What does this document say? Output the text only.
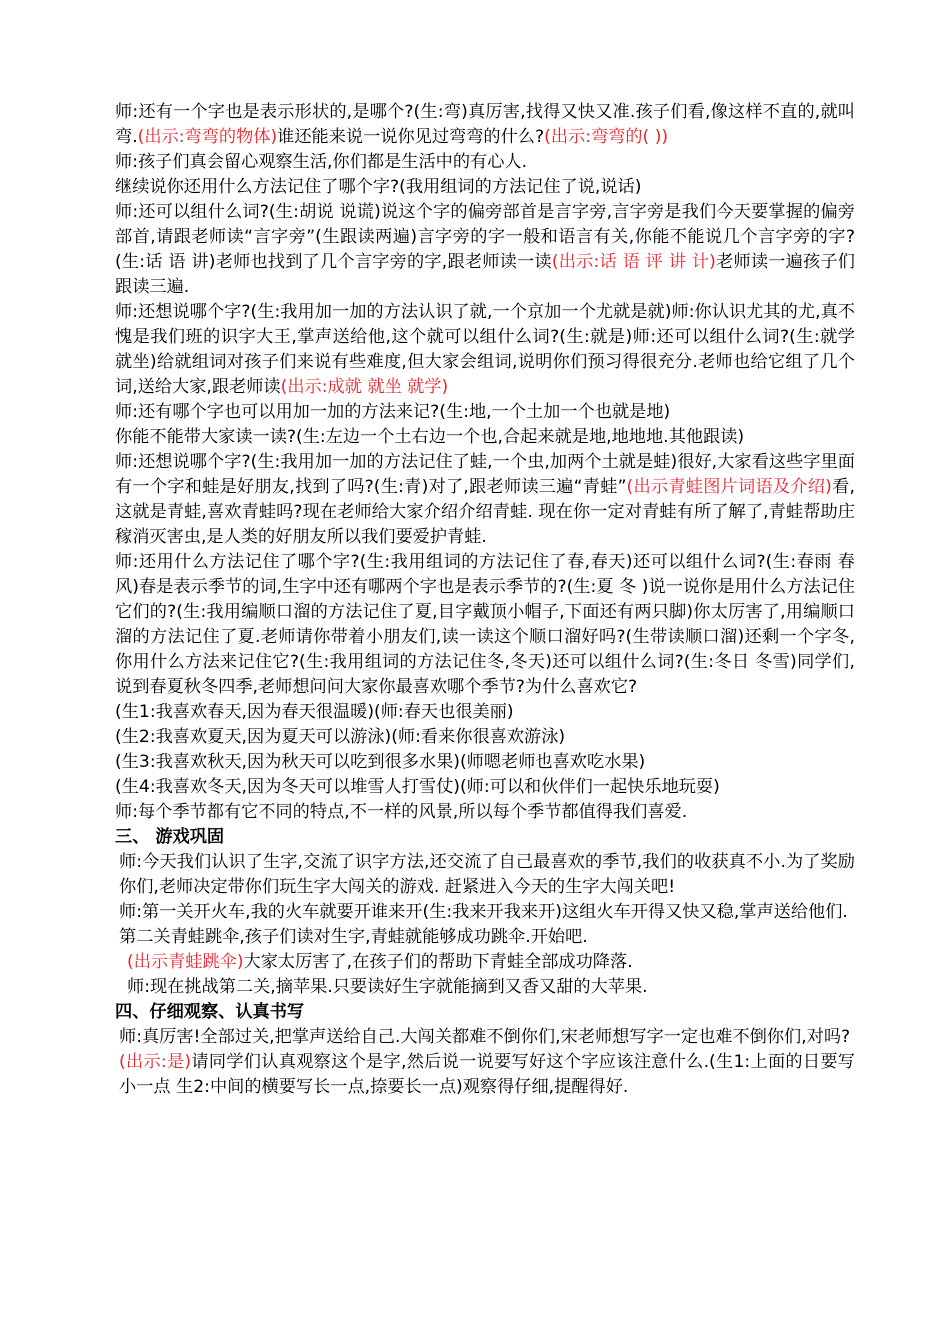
师:还有一个字也是表示形状的,是哪个?(生:弯)真厉害,找得又快又准.孩子们看,像这样不直的,就叫弯.(出示:弯弯的物体)谁还能来说一说你见过弯弯的什么?(出示:弯弯的( ))

师:孩子们真会留心观察生活,你们都是生活中的有心人.

继续说你还用什么方法记住了哪个字?(我用组词的方法记住了说,说话)

师:还可以组什么词?(生:胡说 说谎)说这个字的偏旁部首是言字旁,言字旁是我们今天要掌握的偏旁部首,请跟老师读“言字旁”(生跟读两遍)言字旁的字一般和语言有关,你能不能说几个言字旁的字?(生:话 语 讲)老师也找到了几个言字旁的字,跟老师读一读(出示:话 语 评 讲 计)老师读一遍孩子们跟读三遍.

师:还想说哪个字?(生:我用加一加的方法认识了就,一个京加一个尤就是就)师:你认识尤其的尤,真不愧是我们班的识字大王,掌声送给他,这个就可以组什么词?(生:就是)师:还可以组什么词?(生:就学 就坐)给就组词对孩子们来说有些难度,但大家会组词,说明你们预习得很充分.老师也给它组了几个词,送给大家,跟老师读(出示:成就 就坐 就学)

师:还有哪个字也可以用加一加的方法来记?(生:地,一个土加一个也就是地)

你能不能带大家读一读?(生:左边一个土右边一个也,合起来就是地,地地地.其他跟读)

师:还想说哪个字?(生:我用加一加的方法记住了蛙,一个虫,加两个土就是蛙)很好,大家看这些字里面有一个字和蛙是好朋友,找到了吗?(生:青)对了,跟老师读三遍“青蛙”(出示青蛙图片词语及介绍)看,这就是青蛙,喜欢青蛙吗?现在老师给大家介绍介绍青蛙. 现在你一定对青蛙有所了解了,青蛙帮助庄稼消灭害虫,是人类的好朋友所以我们要爱护青蛙.

师:还用什么方法记住了哪个字?(生:我用组词的方法记住了春,春天)还可以组什么词?(生:春雨 春风)春是表示季节的词,生字中还有哪两个字也是表示季节的?(生:夏 冬 )说一说你是用什么方法记住它们的?(生:我用编顺口溜的方法记住了夏,目字戴顶小帽子,下面还有两只脚)你太厉害了,用编顺口溜的方法记住了夏.老师请你带着小朋友们,读一读这个顺口溜好吗?(生带读顺口溜)还剩一个字冬,你用什么方法来记住它?(生:我用组词的方法记住冬,冬天)还可以组什么词?(生:冬日 冬雪)同学们,说到春夏秋冬四季,老师想问问大家你最喜欢哪个季节?为什么喜欢它?

(生1:我喜欢春天,因为春天很温暖)(师:春天也很美丽)

(生2:我喜欢夏天,因为夏天可以游泳)(师:看来你很喜欢游泳)

(生3:我喜欢秋天,因为秋天可以吃到很多水果)(师嗯老师也喜欢吃水果)

(生4:我喜欢冬天,因为冬天可以堆雪人打雪仗)(师:可以和伙伴们一起快乐地玩耍)

师:每个季节都有它不同的特点,不一样的风景,所以每个季节都值得我们喜爱.

三、 游戏巩固

师:今天我们认识了生字,交流了识字方法,还交流了自己最喜欢的季节,我们的收获真不小.为了奖励你们,老师决定带你们玩生字大闯关的游戏. 赶紧进入今天的生字大闯关吧!

师:第一关开火车,我的火车就要开谁来开(生:我来开我来开)这组火车开得又快又稳,掌声送给他们.

第二关青蛙跳伞,孩子们读对生字,青蛙就能够成功跳伞.开始吧.

(出示青蛙跳伞)大家太厉害了,在孩子们的帮助下青蛙全部成功降落.

师:现在挑战第二关,摘苹果.只要读好生字就能摘到又香又甜的大苹果.

四、仔细观察、认真书写

师:真厉害!全部过关,把掌声送给自己.大闯关都难不倒你们,宋老师想写字一定也难不倒你们,对吗?

(出示:是)请同学们认真观察这个是字,然后说一说要写好这个字应该注意什么.(生1:上面的日要写小一点 生2:中间的横要写长一点,捺要长一点)观察得仔细,提醒得好.
